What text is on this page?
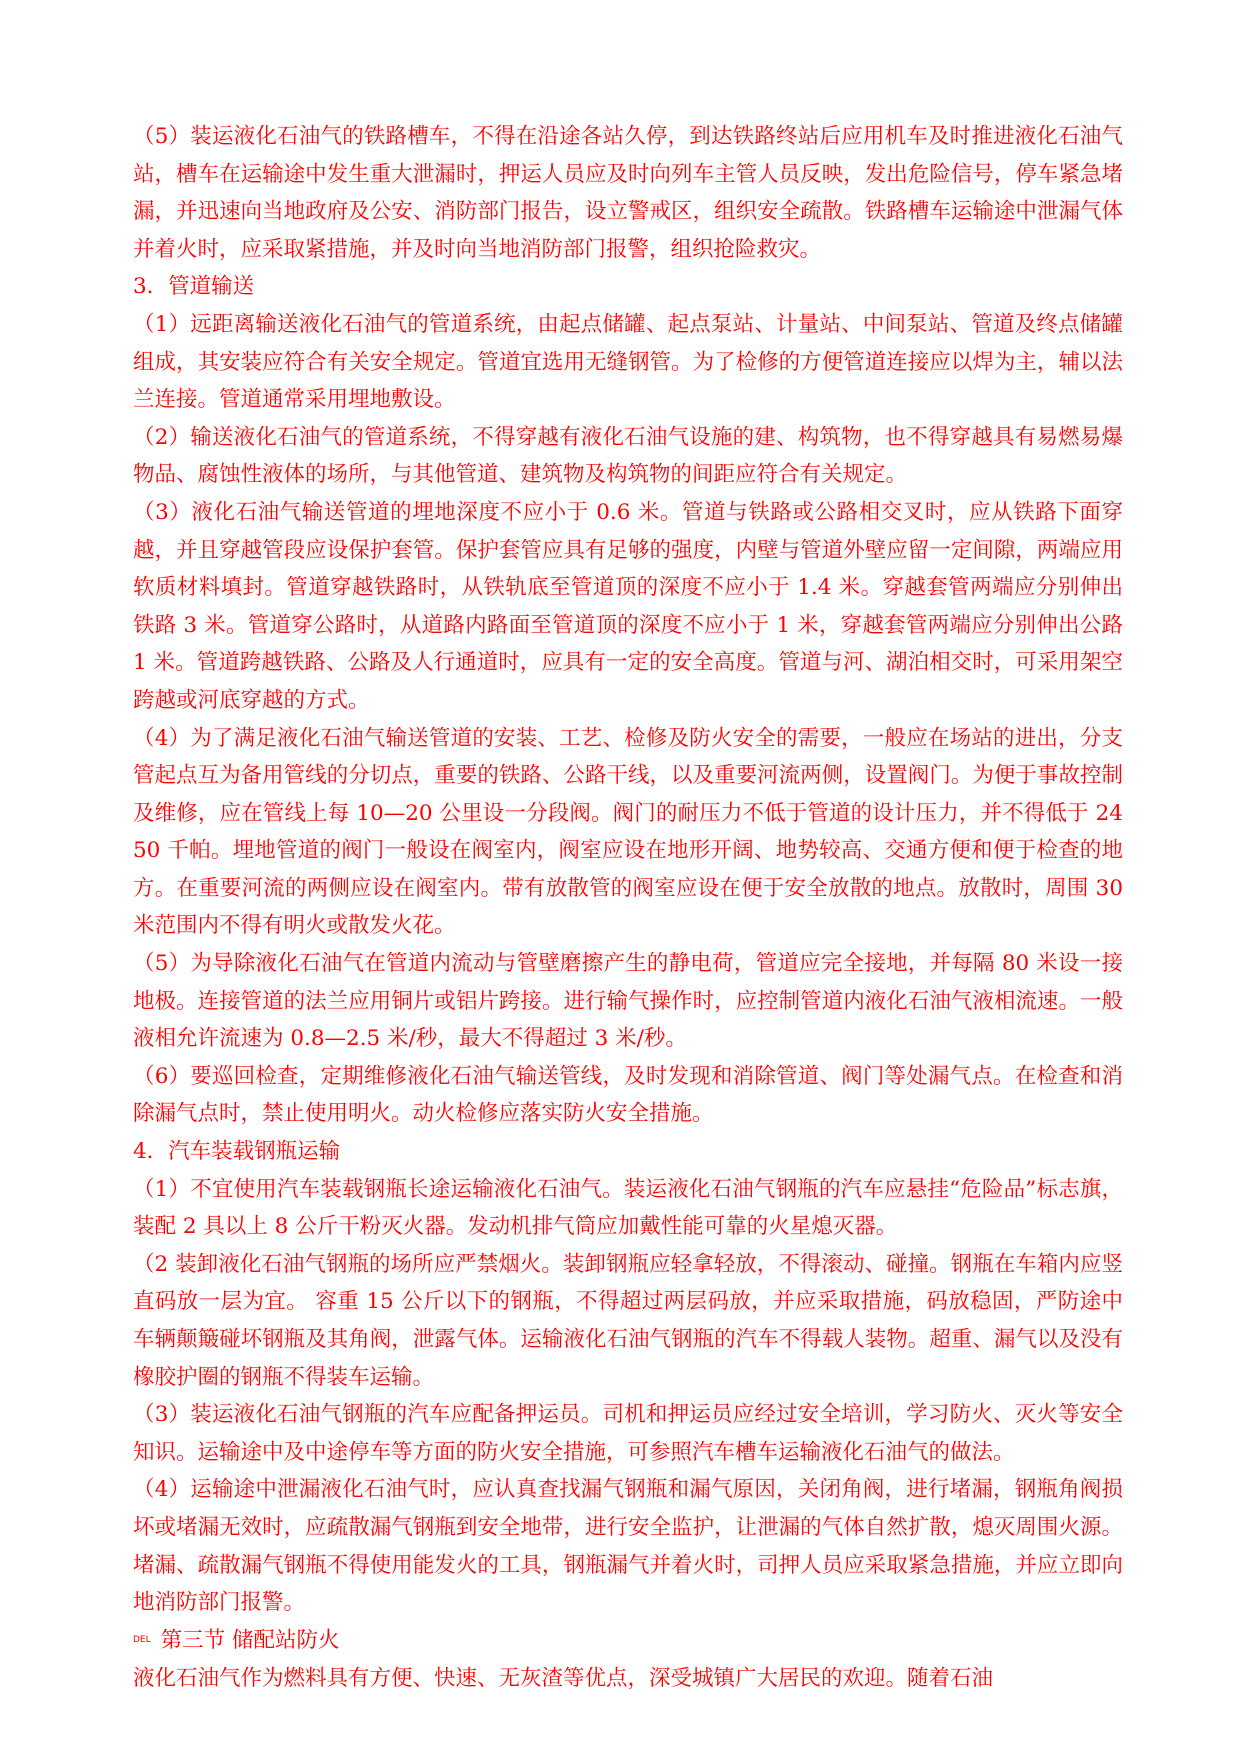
（5）装运液化石油气的铁路槽车，不得在沿途各站久停，到达铁路终站后应用机车及时推进液化石油气站，槽车在运输途中发生重大泄漏时，押运人员应及时向列车主管人员反映，发出危险信号，停车紧急堵漏，并迅速向当地政府及公安、消防部门报告，设立警戒区，组织安全疏散。铁路槽车运输途中泄漏气体并着火时，应采取紧措施，并及时向当地消防部门报警，组织抢险救灾。

3．管道输送

（1）远距离输送液化石油气的管道系统，由起点储罐、起点泵站、计量站、中间泵站、管道及终点储罐组成，其安装应符合有关安全规定。管道宜选用无缝钢管。为了检修的方便管道连接应以焊为主，辅以法兰连接。管道通常采用埋地敷设。

（2）输送液化石油气的管道系统，不得穿越有液化石油气设施的建、构筑物，也不得穿越具有易燃易爆物品、腐蚀性液体的场所，与其他管道、建筑物及构筑物的间距应符合有关规定。

（3）液化石油气输送管道的埋地深度不应小于 0.6 米。管道与铁路或公路相交叉时，应从铁路下面穿越，并且穿越管段应设保护套管。保护套管应具有足够的强度，内壁与管道外壁应留一定间隙，两端应用软质材料填封。管道穿越铁路时，从铁轨底至管道顶的深度不应小于 1.4 米。穿越套管两端应分别伸出铁路 3 米。管道穿公路时，从道路内路面至管道顶的深度不应小于 1 米，穿越套管两端应分别伸出公路 1 米。管道跨越铁路、公路及人行通道时，应具有一定的安全高度。管道与河、湖泊相交时，可采用架空跨越或河底穿越的方式。

（4）为了满足液化石油气输送管道的安装、工艺、检修及防火安全的需要，一般应在场站的进出，分支管起点互为备用管线的分切点，重要的铁路、公路干线，以及重要河流两侧，设置阀门。为便于事故控制及维修，应在管线上每 10—20 公里设一分段阀。阀门的耐压力不低于管道的设计压力，并不得低于 2450 千帕。埋地管道的阀门一般设在阀室内，阀室应设在地形开阔、地势较高、交通方便和便于检查的地方。在重要河流的两侧应设在阀室内。带有放散管的阀室应设在便于安全放散的地点。放散时，周围 30 米范围内不得有明火或散发火花。

（5）为导除液化石油气在管道内流动与管壁磨擦产生的静电荷，管道应完全接地，并每隔 80 米设一接地极。连接管道的法兰应用铜片或铝片跨接。进行输气操作时，应控制管道内液化石油气液相流速。一般液相允许流速为 0.8—2.5 米/秒，最大不得超过 3 米/秒。

（6）要巡回检查，定期维修液化石油气输送管线，及时发现和消除管道、阀门等处漏气点。在检查和消除漏气点时，禁止使用明火。动火检修应落实防火安全措施。

4．汽车装载钢瓶运输

（1）不宜使用汽车装载钢瓶长途运输液化石油气。装运液化石油气钢瓶的汽车应悬挂“危险品”标志旗，装配 2 具以上 8 公斤干粉灭火器。发动机排气筒应加戴性能可靠的火星熄灭器。

（2 装卸液化石油气钢瓶的场所应严禁烟火。装卸钢瓶应轻拿轻放，不得滚动、碰撞。钢瓶在车箱内应竖直码放一层为宜。 容重 15 公斤以下的钢瓶，不得超过两层码放，并应采取措施，码放稳固，严防途中车辆颠簸碰坏钢瓶及其角阀，泄露气体。运输液化石油气钢瓶的汽车不得载人装物。超重、漏气以及没有橡胶护圈的钢瓶不得装车运输。

（3）装运液化石油气钢瓶的汽车应配备押运员。司机和押运员应经过安全培训，学习防火、灭火等安全知识。运输途中及中途停车等方面的防火安全措施，可参照汽车槽车运输液化石油气的做法。

（4）运输途中泄漏液化石油气时，应认真查找漏气钢瓶和漏气原因，关闭角阀，进行堵漏，钢瓶角阀损坏或堵漏无效时，应疏散漏气钢瓶到安全地带，进行安全监护，让泄漏的气体自然扩散，熄灭周围火源。堵漏、疏散漏气钢瓶不得使用能发火的工具，钢瓶漏气并着火时，司押人员应采取紧急措施，并应立即向地消防部门报警。

DEL 第三节 储配站防火

液化石油气作为燃料具有方便、快速、无灰渣等优点，深受城镇广大居民的欢迎。随着石油
